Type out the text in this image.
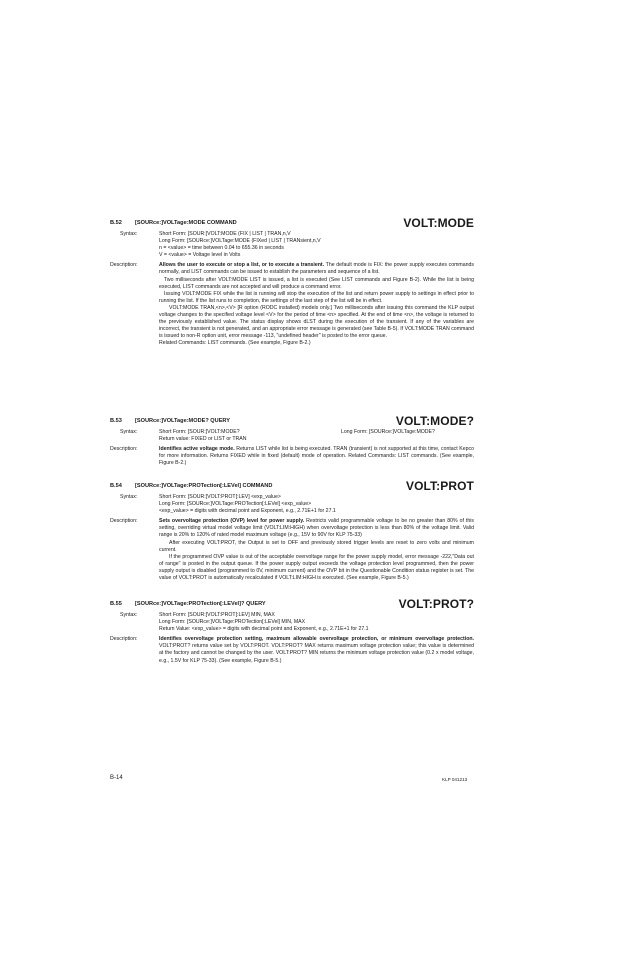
B.52 [SOURce:]VOLTage:MODE COMMAND	VOLT:MODE
Syntax:	Short Form: [SOUR:]VOLT:MODE (FIX | LIST | TRAN,n,V

Long Form: [SOURce:]VOLTage:MODE (FIXed | LIST | TRANsient,n,V

n = <value> = time between 0.04 to 655.36 in seconds

V = <value> = Voltage level in Volts

Description:	Allows the user to execute or stop a list, or to execute a transient. The default mode is FIX: the power supply executes commands normally, and LIST commands can be issued to establish the parameters and sequence of a list.

Two milliseconds after VOLT:MODE LIST is issued, a list is executed (See LIST commands and Figure B-2). While the list is being executed, LIST commands are not accepted and will produce a command error.

Issuing VOLT:MODE FIX while the list is running will stop the execution of the list and return power supply to settings in effect prior to running the list. If the list runs to completion, the settings of the last step of the list will be in effect.

VOLT:MODE TRAN,<n>,<V> [R option (RODC installed) models only.] Two milliseconds after issuing this command the KLP output voltage changes to the specified voltage level <V> for the period of time <n> specified. At the end of time <n>, the voltage is returned to the previously established value. The status display shows dLST during the execution of the transient. If any of the variables are incorrect, the transient is not generated, and an appropriate error message is generated (see Table B-5). If VOLT:MODE TRAN command is issued to non-R option unit, error message -113, "undefined header" is posted to the error queue.

Related Commands: LIST commands. (See example, Figure B-2.)

B.53 [SOURce:]VOLTage:MODE? QUERY	VOLT:MODE?
Syntax:	Short Form: [SOUR:]VOLT:MODE?	Long Form: [SOURce:]VOLTage:MODE?

Return value: FIXED or LIST or TRAN

Description:	Identifies active voltage mode. Returns LIST while list is being executed. TRAN (transient) is not supported at this time, contact Kepco for more information. Returns FIXED while in fixed (default) mode of operation. Related Commands: LIST commands. (See example, Figure B-2.)

B.54 [SOURce:]VOLTage:PROTection[:LEVel] COMMAND	VOLT:PROT
Syntax:	Short Form: [SOUR:]VOLT:PROT[:LEV] <exp_value>

Long Form: [SOURce:]VOLTage:PROTection[:LEVel] <exp_value>

<exp_value> = digits with decimal point and Exponent, e.g., 2.71E+1 for 27.1

Description:	Sets overvoltage protection (OVP) level for power supply. Restricts valid programmable voltage to be no greater than 80% of this setting, overriding virtual model voltage limit (VOLT:LIM:HIGH) when overvoltage protection is less than 80% of the voltage limit. Valid range is 20% to 120% of rated model maximum voltage (e.g., 15V to 90V for KLP 75-33)

After executing VOLT:PROT, the Output is set to OFF and previously stored trigger levels are reset to zero volts and minimum current.

If the programmed OVP value is out of the acceptable overvoltage range for the power supply model, error message -222,"Data out of range" is posted in the output queue. If the power supply output exceeds the voltage protection level programmed, then the power supply output is disabled (programmed to 0V, minimum current) and the OVP bit in the Questionable Condition status register is set. The value of VOLT:PROT is automatically recalculated if VOLT:LIM:HIGH is executed. (See example, Figure B-5.)

B.55 [SOURce:]VOLTage:PROTection[:LEVel]? QUERY	VOLT:PROT?
Syntax:	Short Form: [SOUR:]VOLT:PROT[:LEV] MIN, MAX

Long Form: [SOURce:]VOLTage:PROTection[:LEVel] MIN, MAX

Return Value: <exp_value> = digits with decimal point and Exponent, e.g., 2.71E+1 for 27.1

Description:	Identifies overvoltage protection setting, maximum allowable overvoltage protection, or minimum overvoltage protection. VOLT:PROT? returns value set by VOLT:PROT. VOLT:PROT? MAX returns maximum voltage protection value; this value is determined at the factory and cannot be changed by the user. VOLT:PROT? MIN returns the minimum voltage protection value (0.2 x model voltage, e.g., 1.5V for KLP 75-33). (See example, Figure B-5.)

B-14	KLP 041213
